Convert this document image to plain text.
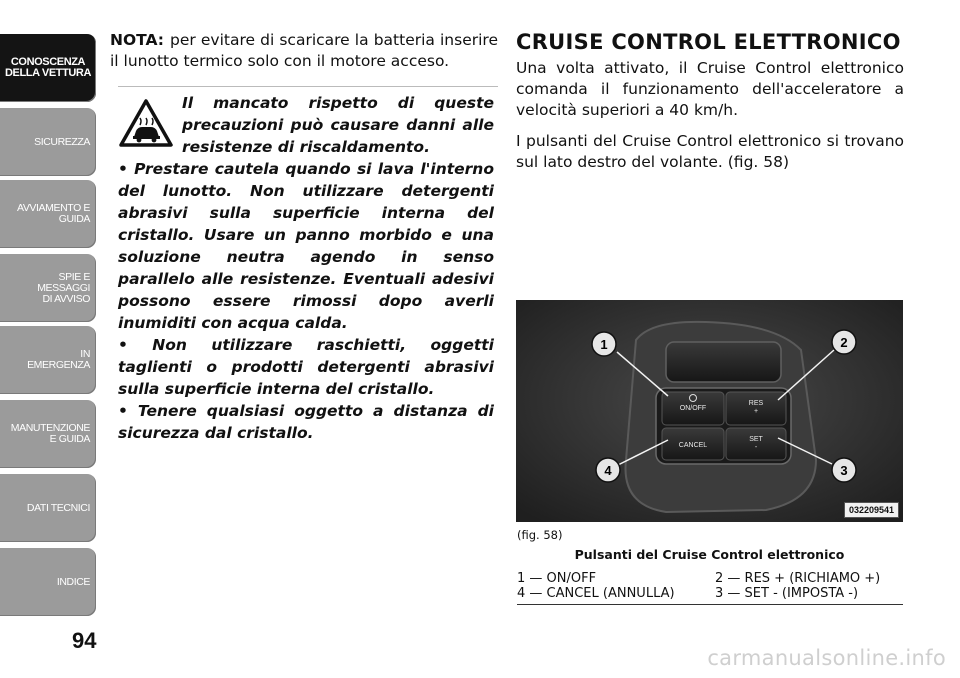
CONOSCENZA
DELLA VETTURA
SICUREZZA
AVVIAMENTO E
GUIDA
SPIE E
MESSAGGI
DI AVVISO
IN
EMERGENZA
MANUTENZIONE
E GUIDA
DATI TECNICI
INDICE
94

NOTA: per evitare di scaricare la batteria inserire il lunotto termico solo con il motore acceso.

Il mancato rispetto di queste precauzioni può causare danni alle resistenze di riscaldamento.

• Prestare cautela quando si lava l'interno del lunotto. Non utilizzare detergenti abrasivi sulla superficie interna del cristallo. Usare un panno morbido e una soluzione neutra agendo in senso parallelo alle resistenze. Eventuali adesivi possono essere rimossi dopo averli inumiditi con acqua calda.

• Non utilizzare raschietti, oggetti taglienti o prodotti detergenti abrasivi sulla superficie interna del cristallo.

• Tenere qualsiasi oggetto a distanza di sicurezza dal cristallo.

CRUISE CONTROL ELETTRONICO

Una volta attivato, il Cruise Control elettronico comanda il funzionamento dell'acceleratore a velocità superiori a 40 km/h.

I pulsanti del Cruise Control elettronico si trovano sul lato destro del volante. (fig. 58)

ON/OFF
CANCEL
RES
+
SET
-
1	2
3
4
032209541
(fig. 58)
Pulsanti del Cruise Control elettronico
1 — ON/OFF	2 — RES + (RICHIAMO +)
4 — CANCEL (ANNULLA)	3 — SET - (IMPOSTA -)
carmanualsonline.info
